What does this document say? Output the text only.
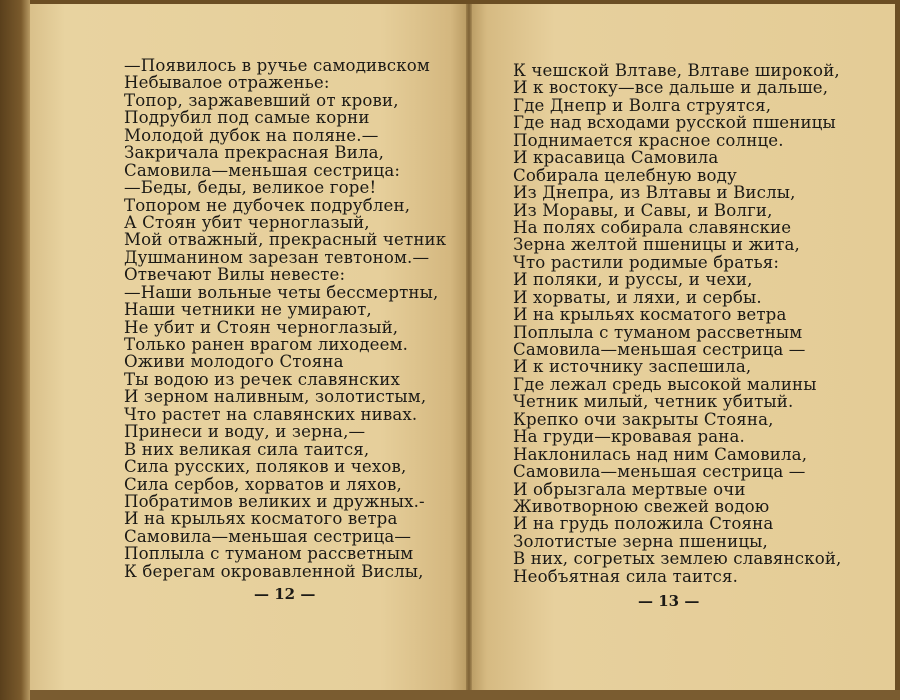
—Появилось в ручье самодивском
Небывалое отраженье:
Топор, заржавевший от крови,
Подрубил под самые корни
Молодой дубок на поляне.—
Закричала прекрасная Вила,
Самовила—меньшая сестрица:
—Беды, беды, великое горе!
Топором не дубочек подрублен,
А Стоян убит черноглазый,
Мой отважный, прекрасный четник
Душманином зарезан тевтоном.—
Отвечают Вилы невесте:
—Наши вольные четы бессмертны,
Наши четники не умирают,
Не убит и Стоян черноглазый,
Только ранен врагом лиходеем.
Оживи молодого Стояна
Ты водою из речек славянских
И зерном наливным, золотистым,
Что растет на славянских нивах.
Принеси и воду, и зерна,—
В них великая сила таится,
Сила русских, поляков и чехов,
Сила сербов, хорватов и ляхов,
Побратимов великих и дружных.-
И на крыльях косматого ветра
Самовила—меньшая сестрица—
Поплыла с туманом рассветным
К берегам окровавленной Вислы,
— 12 —
К чешской Влтаве, Влтаве широкой,
И к востоку—все дальше и дальше,
Где Днепр и Волга струятся,
Где над всходами русской пшеницы
Поднимается красное солнце.
И красавица Самовила
Собирала целебную воду
Из Днепра, из Влтавы и Вислы,
Из Моравы, и Савы, и Волги,
На полях собирала славянские
Зерна желтой пшеницы и жита,
Что растили родимые братья:
И поляки, и руссы, и чехи,
И хорваты, и ляхи, и сербы.
И на крыльях косматого ветра
Поплыла с туманом рассветным
Самовила—меньшая сестрица —
И к источнику заспешила,
Где лежал средь высокой малины
Четник милый, четник убитый.
Крепко очи закрыты Стояна,
На груди—кровавая рана.
Наклонилась над ним Самовила,
Самовила—меньшая сестрица —
И обрызгала мертвые очи
Животворною свежей водою
И на грудь положила Стояна
Золотистые зерна пшеницы,
В них, согретых землею славянской,
Необъятная сила таится.
— 13 —
